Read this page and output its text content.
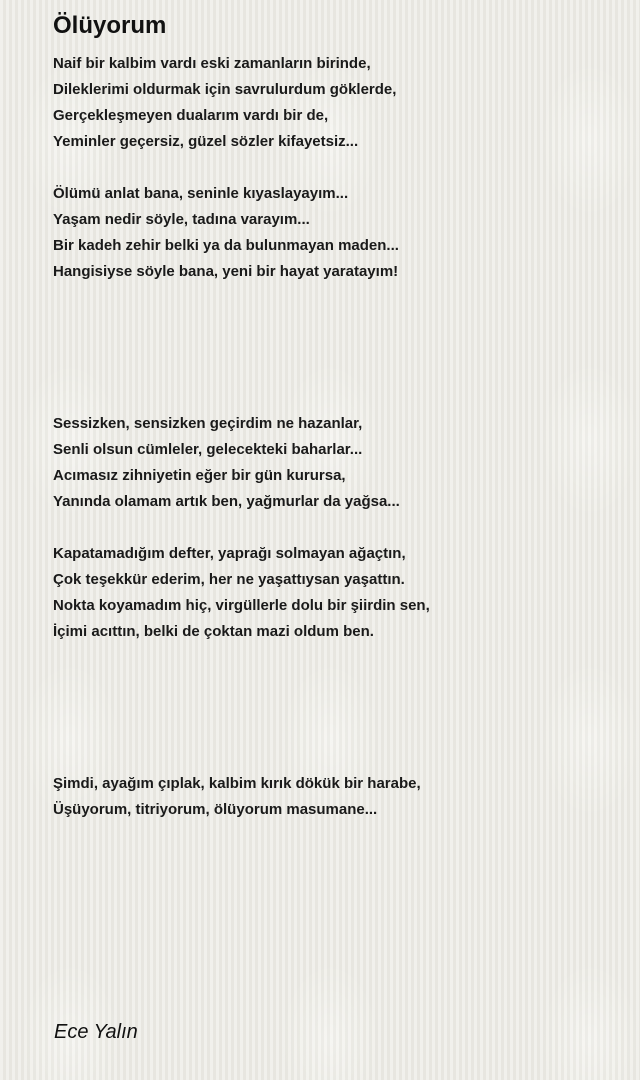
Ölüyorum
Naif bir kalbim vardı eski zamanların birinde,
Dileklerimi oldurmak için savrulurdum göklerde,
Gerçekleşmeyen dualarım vardı bir de,
Yeminler geçersiz, güzel sözler kifayetsiz...
Ölümü anlat bana, seninle kıyaslayayım...
Yaşam nedir söyle, tadına varayım...
Bir kadeh zehir belki ya da bulunmayan maden...
Hangisiyse söyle bana, yeni bir hayat yaratayım!
Sessizken, sensizken geçirdim ne hazanlar,
Senli olsun cümleler, gelecekteki baharlar...
Acımasız zihniyetin eğer bir gün kurursa,
Yanında olamam artık ben, yağmurlar da yağsa...
Kapatamadığım defter, yaprağı solmayan ağaçtın,
Çok teşekkür ederim, her ne yaşattıysan yaşattın.
Nokta koyamadım hiç, virgüllerle dolu bir şiirdin sen,
İçimi acıttın, belki de çoktan mazi oldum ben.
Şimdi, ayağım çıplak, kalbim kırık dökük bir harabe,
Üşüyorum, titriyorum, ölüyorum masumane...

Ece Yalın
